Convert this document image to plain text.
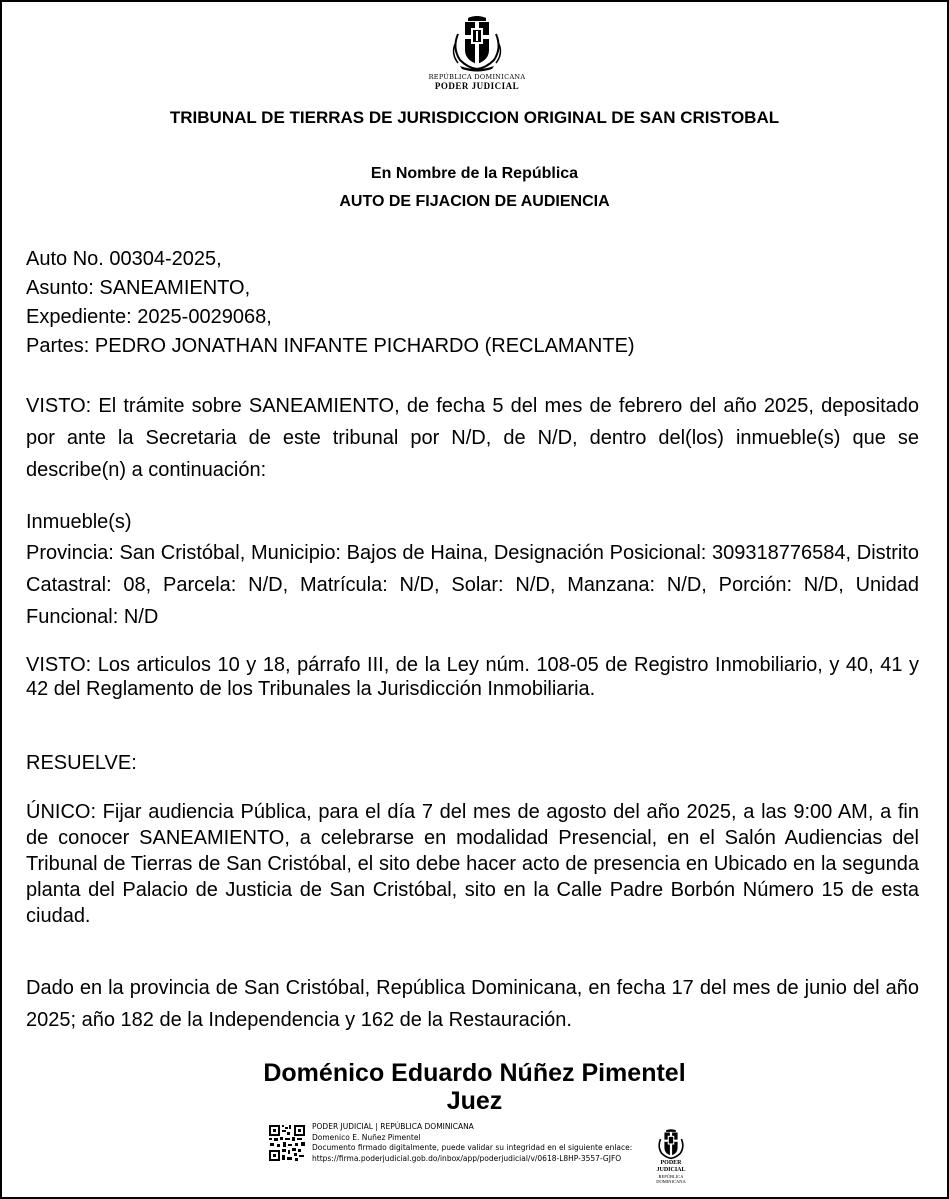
REPÚBLICA DOMINICANA
PODER JUDICIAL
TRIBUNAL DE TIERRAS DE JURISDICCION ORIGINAL DE SAN CRISTOBAL
En Nombre de la República
AUTO DE FIJACION DE AUDIENCIA
Auto No. 00304-2025,
Asunto: SANEAMIENTO,
Expediente: 2025-0029068,
Partes: PEDRO JONATHAN INFANTE PICHARDO (RECLAMANTE)
VISTO: El trámite sobre SANEAMIENTO, de fecha 5 del mes de febrero del año 2025, depositado por ante la Secretaria de este tribunal por N/D, de N/D, dentro del(los) inmueble(s) que se describe(n) a continuación:
Inmueble(s)
Provincia: San Cristóbal, Municipio: Bajos de Haina, Designación Posicional: 309318776584, Distrito Catastral: 08, Parcela: N/D, Matrícula: N/D, Solar: N/D, Manzana: N/D, Porción: N/D, Unidad Funcional: N/D
VISTO: Los articulos 10 y 18, párrafo III, de la Ley núm. 108-05 de Registro Inmobiliario, y 40, 41 y 42 del Reglamento de los Tribunales la Jurisdicción Inmobiliaria.
RESUELVE:
ÚNICO: Fijar audiencia Pública, para el día 7 del mes de agosto del año 2025, a las 9:00 AM, a fin de conocer SANEAMIENTO, a celebrarse en modalidad Presencial, en el Salón Audiencias del Tribunal de Tierras de San Cristóbal, el sito debe hacer acto de presencia en Ubicado en la segunda planta del Palacio de Justicia de San Cristóbal, sito en la Calle Padre Borbón Número 15 de esta ciudad.
Dado en la provincia de San Cristóbal, República Dominicana, en fecha 17 del mes de junio del año 2025; año 182 de la Independencia y 162 de la Restauración.
Doménico Eduardo Núñez Pimentel
Juez
PODER JUDICIAL | REPÚBLICA DOMINICANA
Domenico E. Nuñez Pimentel
Documento firmado digitalmente, puede validar su integridad en el siguiente enlace:
https://firma.poderjudicial.gob.do/inbox/app/poderjudicial/v/0618-L8HP-3557-GJFO
PODER JUDICIAL
REPÚBLICA DOMINICANA
